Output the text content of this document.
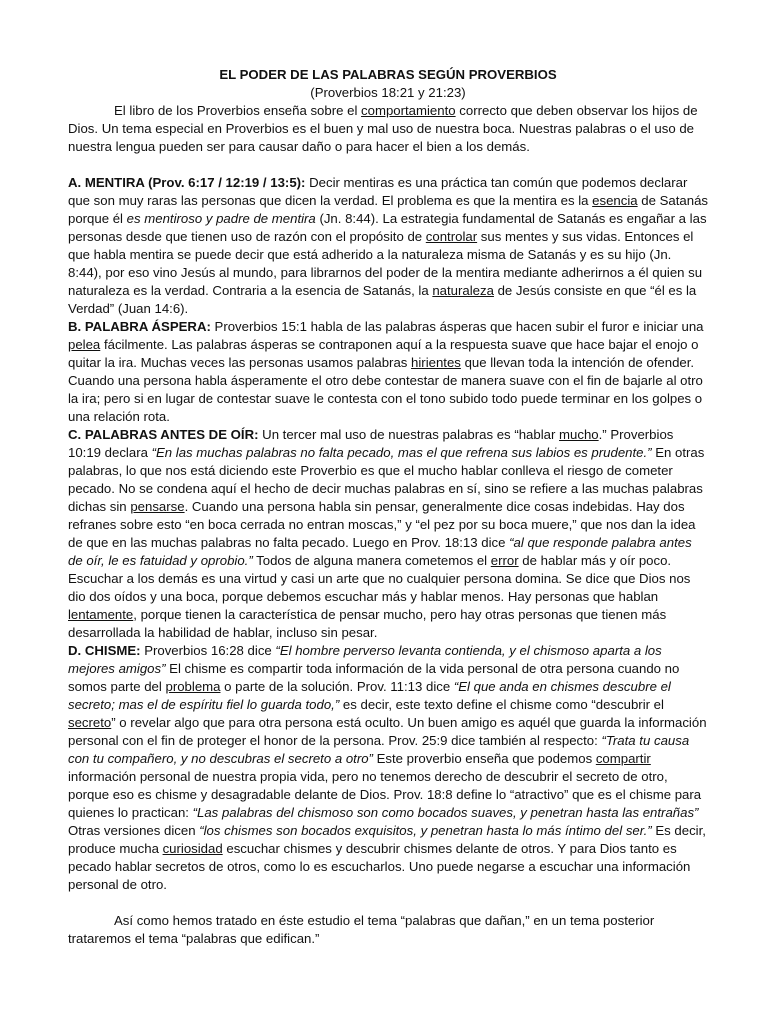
EL PODER DE LAS PALABRAS SEGÚN PROVERBIOS

(Proverbios 18:21 y 21:23)

El libro de los Proverbios enseña sobre el comportamiento correcto que deben observar los hijos de Dios. Un tema especial en Proverbios es el buen y mal uso de nuestra boca. Nuestras palabras o el uso de nuestra lengua pueden ser para causar daño o para hacer el bien a los demás.

A. MENTIRA (Prov. 6:17 / 12:19 / 13:5): Decir mentiras es una práctica tan común que podemos declarar que son muy raras las personas que dicen la verdad. El problema es que la mentira es la esencia de Satanás porque él es mentiroso y padre de mentira (Jn. 8:44). La estrategia fundamental de Satanás es engañar a las personas desde que tienen uso de razón con el propósito de controlar sus mentes y sus vidas. Entonces el que habla mentira se puede decir que está adherido a la naturaleza misma de Satanás y es su hijo (Jn. 8:44), por eso vino Jesús al mundo, para librarnos del poder de la mentira mediante adherirnos a él quien su naturaleza es la verdad. Contraria a la esencia de Satanás, la naturaleza de Jesús consiste en que “él es la Verdad” (Juan 14:6).

B. PALABRA ÁSPERA: Proverbios 15:1 habla de las palabras ásperas que hacen subir el furor e iniciar una pelea fácilmente. Las palabras ásperas se contraponen aquí a la respuesta suave que hace bajar el enojo o quitar la ira. Muchas veces las personas usamos palabras hirientes que llevan toda la intención de ofender. Cuando una persona habla ásperamente el otro debe contestar de manera suave con el fin de bajarle al otro la ira; pero si en lugar de contestar suave le contesta con el tono subido todo puede terminar en los golpes o una relación rota.

C. PALABRAS ANTES DE OÍR: Un tercer mal uso de nuestras palabras es “hablar mucho.” Proverbios 10:19 declara “En las muchas palabras no falta pecado, mas el que refrena sus labios es prudente.” En otras palabras, lo que nos está diciendo este Proverbio es que el mucho hablar conlleva el riesgo de cometer pecado. No se condena aquí el hecho de decir muchas palabras en sí, sino se refiere a las muchas palabras dichas sin pensarse. Cuando una persona habla sin pensar, generalmente dice cosas indebidas. Hay dos refranes sobre esto “en boca cerrada no entran moscas,” y “el pez por su boca muere,” que nos dan la idea de que en las muchas palabras no falta pecado. Luego en Prov. 18:13 dice “al que responde palabra antes de oír, le es fatuidad y oprobio.” Todos de alguna manera cometemos el error de hablar más y oír poco. Escuchar a los demás es una virtud y casi un arte que no cualquier persona domina. Se dice que Dios nos dio dos oídos y una boca, porque debemos escuchar más y hablar menos. Hay personas que hablan lentamente, porque tienen la característica de pensar mucho, pero hay otras personas que tienen más desarrollada la habilidad de hablar, incluso sin pesar.

D. CHISME: Proverbios 16:28 dice “El hombre perverso levanta contienda, y el chismoso aparta a los mejores amigos” El chisme es compartir toda información de la vida personal de otra persona cuando no somos parte del problema o parte de la solución. Prov. 11:13 dice “El que anda en chismes descubre el secreto; mas el de espíritu fiel lo guarda todo,” es decir, este texto define el chisme como “descubrir el secreto” o revelar algo que para otra persona está oculto. Un buen amigo es aquél que guarda la información personal con el fin de proteger el honor de la persona. Prov. 25:9 dice también al respecto: “Trata tu causa con tu compañero, y no descubras el secreto a otro” Este proverbio enseña que podemos compartir información personal de nuestra propia vida, pero no tenemos derecho de descubrir el secreto de otro, porque eso es chisme y desagradable delante de Dios. Prov. 18:8 define lo “atractivo” que es el chisme para quienes lo practican: “Las palabras del chismoso son como bocados suaves, y penetran hasta las entrañas” Otras versiones dicen “los chismes son bocados exquisitos, y penetran hasta lo más íntimo del ser.” Es decir, produce mucha curiosidad escuchar chismes y descubrir chismes delante de otros. Y para Dios tanto es pecado hablar secretos de otros, como lo es escucharlos. Uno puede negarse a escuchar una información personal de otro.

Así como hemos tratado en éste estudio el tema “palabras que dañan,” en un tema posterior trataremos el tema “palabras que edifican.”
